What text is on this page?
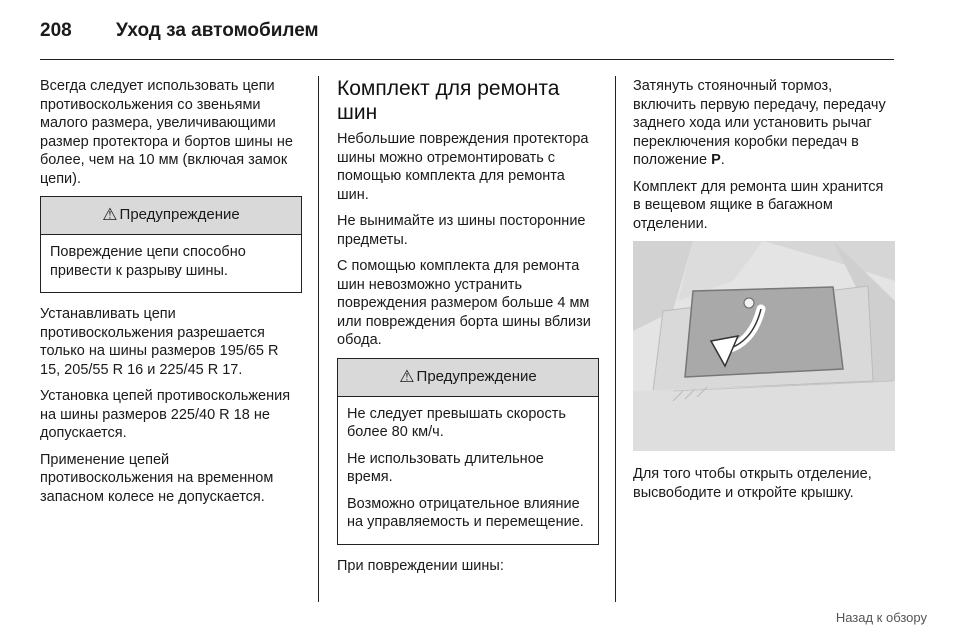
208 Уход за автомобилем

Всегда следует использовать цепи противоскольжения со звеньями малого размера, увеличивающими размер протектора и бортов шины не более, чем на 10 мм (включая замок цепи).

⚠ Предупреждение

Повреждение цепи способно привести к разрыву шины.

Устанавливать цепи противоскольжения разрешается только на шины размеров 195/65 R 15, 205/55 R 16 и 225/45 R 17.

Установка цепей противоскольжения на шины размеров 225/40 R 18 не допускается.

Применение цепей противоскольжения на временном запасном колесе не допускается.

Комплект для ремонта шин

Небольшие повреждения протектора шины можно отремонтировать с помощью комплекта для ремонта шин.

Не вынимайте из шины посторонние предметы.

С помощью комплекта для ремонта шин невозможно устранить повреждения размером больше 4 мм или повреждения борта шины вблизи обода.

⚠ Предупреждение

Не следует превышать скорость более 80 км/ч.

Не использовать длительное время.

Возможно отрицательное влияние на управляемость и перемещение.

При повреждении шины:

Затянуть стояночный тормоз, включить первую передачу, передачу заднего хода или установить рычаг переключения коробки передач в положение P.

Комплект для ремонта шин хранится в вещевом ящике в багажном отделении.

Для того чтобы открыть отделение, высвободите и откройте крышку.

Назад к обзору
